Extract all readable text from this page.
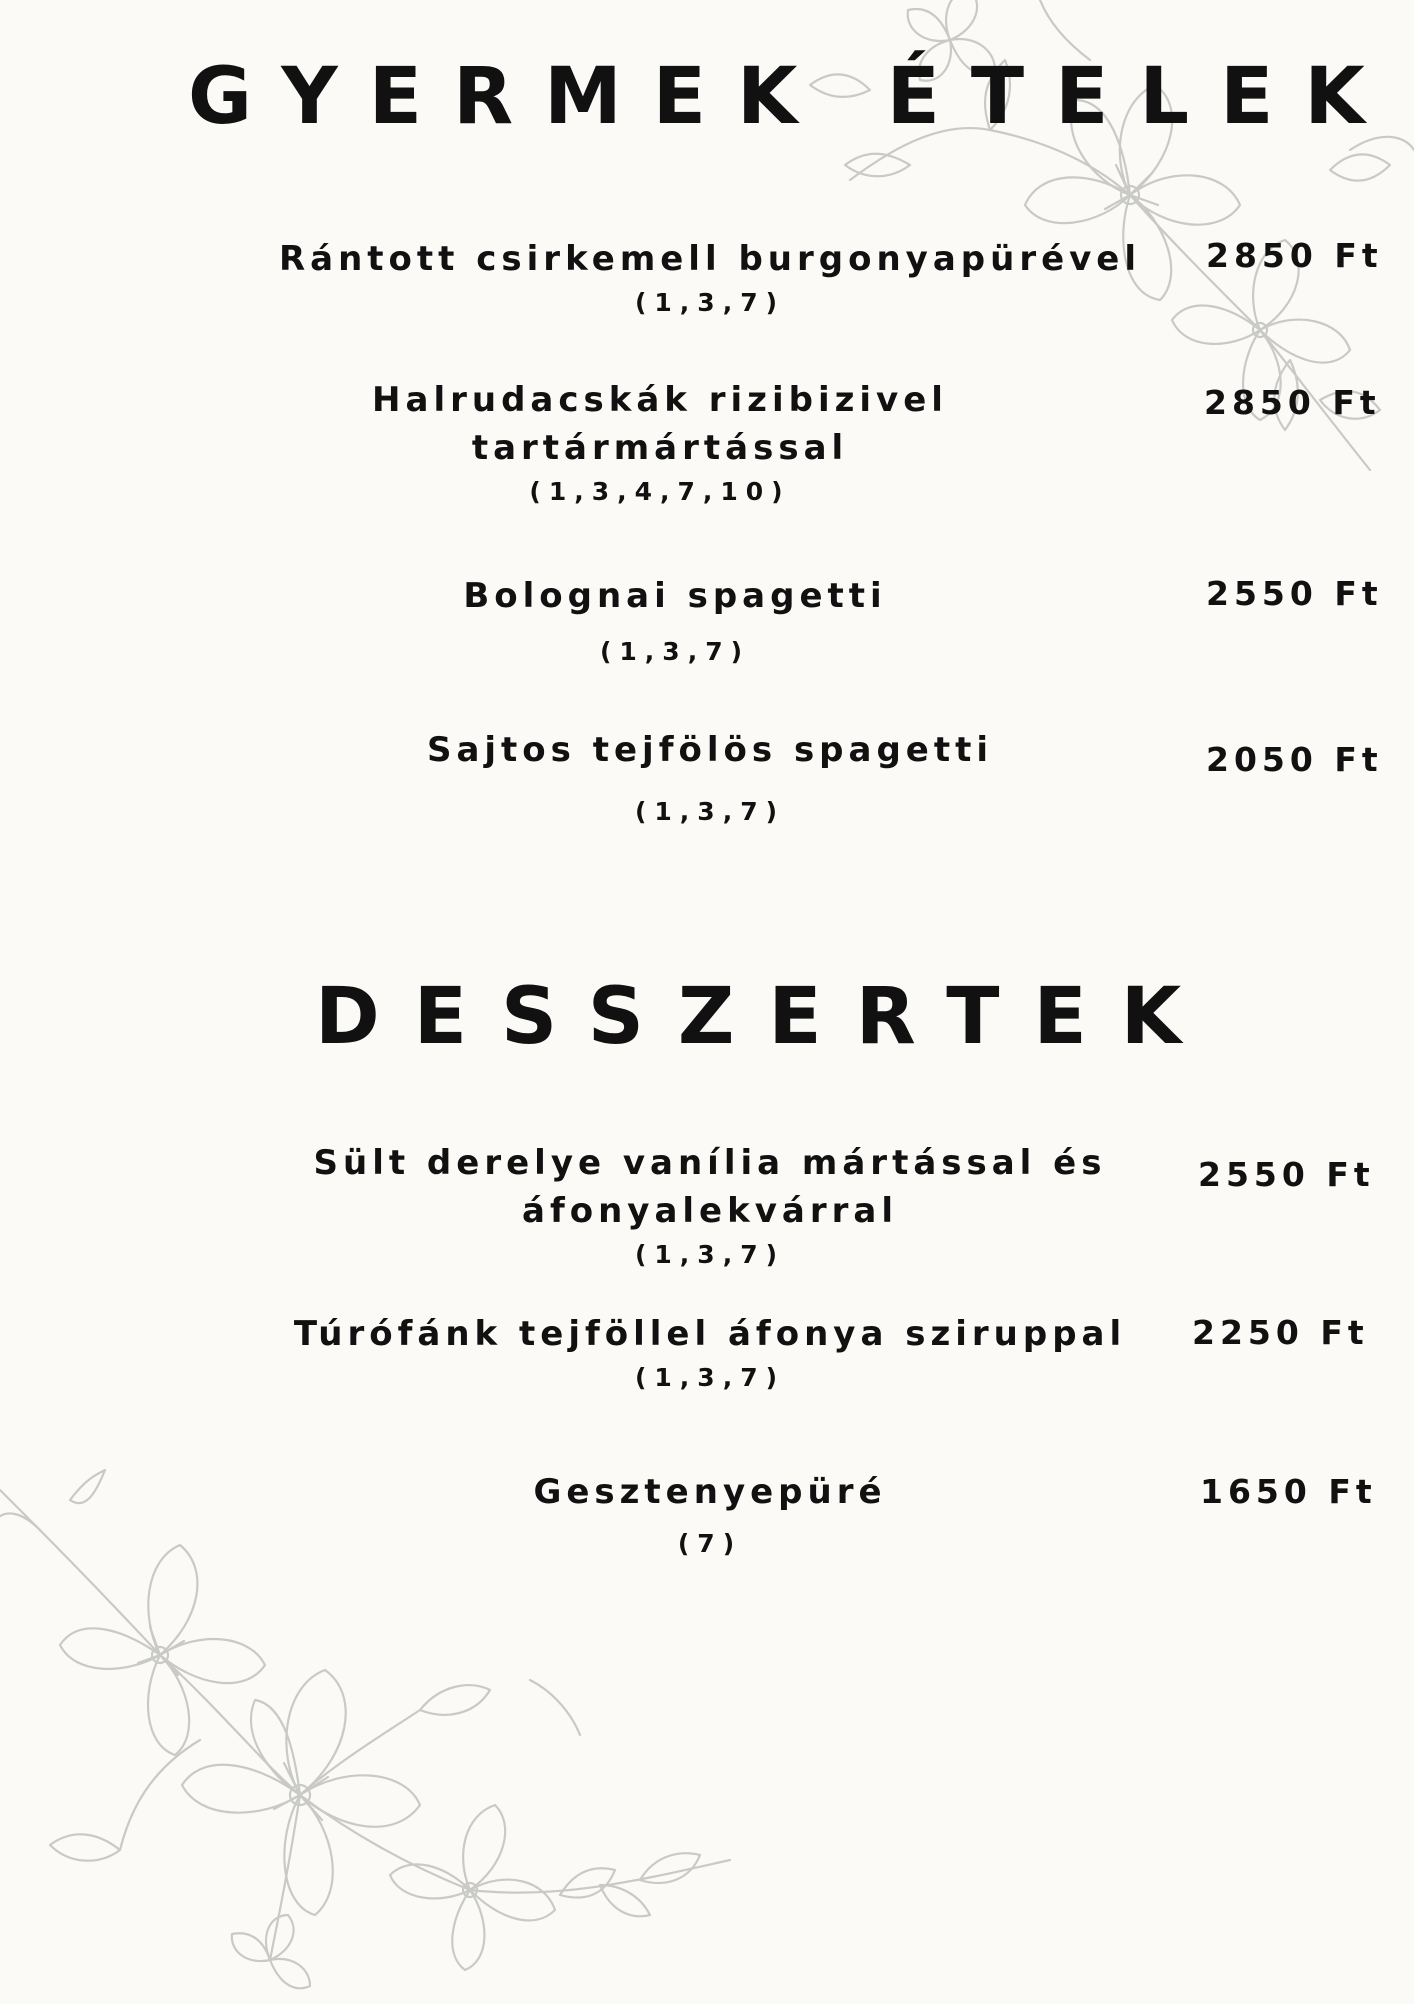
GYERMEK ÉTELEK
Rántott csirkemell burgonyapürével
(1,3,7)
2850 Ft
Halrudacskák rizibizivel
tartármártással
(1,3,4,7,10)
2850 Ft
Bolognai spagetti
(1,3,7)
2550 Ft
Sajtos tejfölös spagetti
(1,3,7)
2050 Ft
DESSZERTEK
Sült derelye vanília mártással és
áfonyalekvárral
(1,3,7)
2550 Ft
Túrófánk tejföllel áfonya sziruppal
(1,3,7)
2250 Ft
Gesztenyepüré
(7)
1650 Ft
